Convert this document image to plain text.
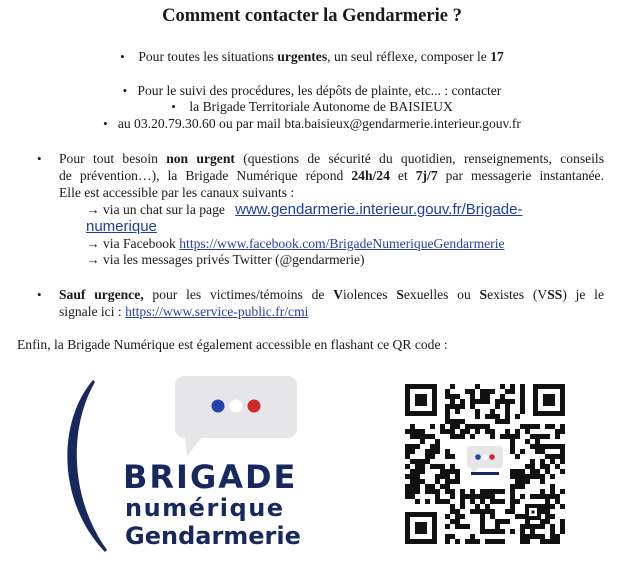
Comment contacter la Gendarmerie ?
• Pour toutes les situations urgentes, un seul réflexe, composer le 17
• Pour le suivi des procédures, les dépôts de plainte, etc... : contacter
• la Brigade Territoriale Autonome de BAISIEUX
• au 03.20.79.30.60 ou par mail bta.baisieux@gendarmerie.interieur.gouv.fr
• Pour tout besoin non urgent (questions de sécurité du quotidien, renseignements, conseils
de prévention…), la Brigade Numérique répond 24h/24 et 7j/7 par messagerie instantanée.
Elle est accessible par les canaux suivants :
→ via un chat sur la page www.gendarmerie.interieur.gouv.fr/Brigade-
numerique
→ via Facebook https://www.facebook.com/BrigadeNumeriqueGendarmerie
→ via les messages privés Twitter (@gendarmerie)
• Sauf urgence, pour les victimes/témoins de Violences Sexuelles ou Sexistes (VSS) je le
signale ici : https://www.service-public.fr/cmi
Enfin, la Brigade Numérique est également accessible en flashant ce QR code :
BRIGADE
numérique
Gendarmerie
